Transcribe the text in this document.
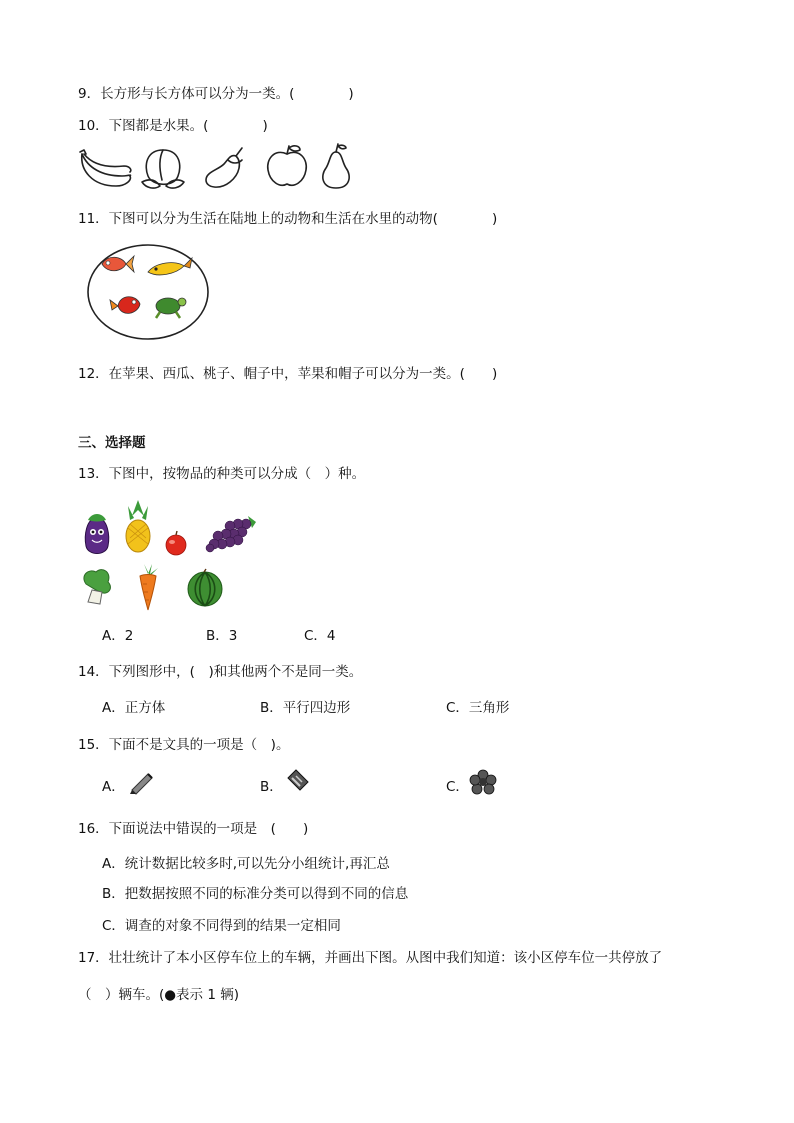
9．长方形与长方体可以分为一类。(　　　　)
10．下图都是水果。(　　　　)
11．下图可以分为生活在陆地上的动物和生活在水里的动物(　　　　)
12．在苹果、西瓜、桃子、帽子中，苹果和帽子可以分为一类。(　　)
三、选择题
13．下图中，按物品的种类可以分成（　）种。
A．2	B．3	C．4
14．下列图形中，(　)和其他两个不是同一类。
A．正方体	B．平行四边形	C．三角形
15．下面不是文具的一项是（　)。
A．	B．	C．
16．下面说法中错误的一项是　(　　)
A．统计数据比较多时,可以先分小组统计,再汇总
B．把数据按照不同的标准分类可以得到不同的信息
C．调查的对象不同得到的结果一定相同
17．壮壮统计了本小区停车位上的车辆，并画出下图。从图中我们知道：该小区停车位一共停放了
（　）辆车。(●表示 1 辆)
